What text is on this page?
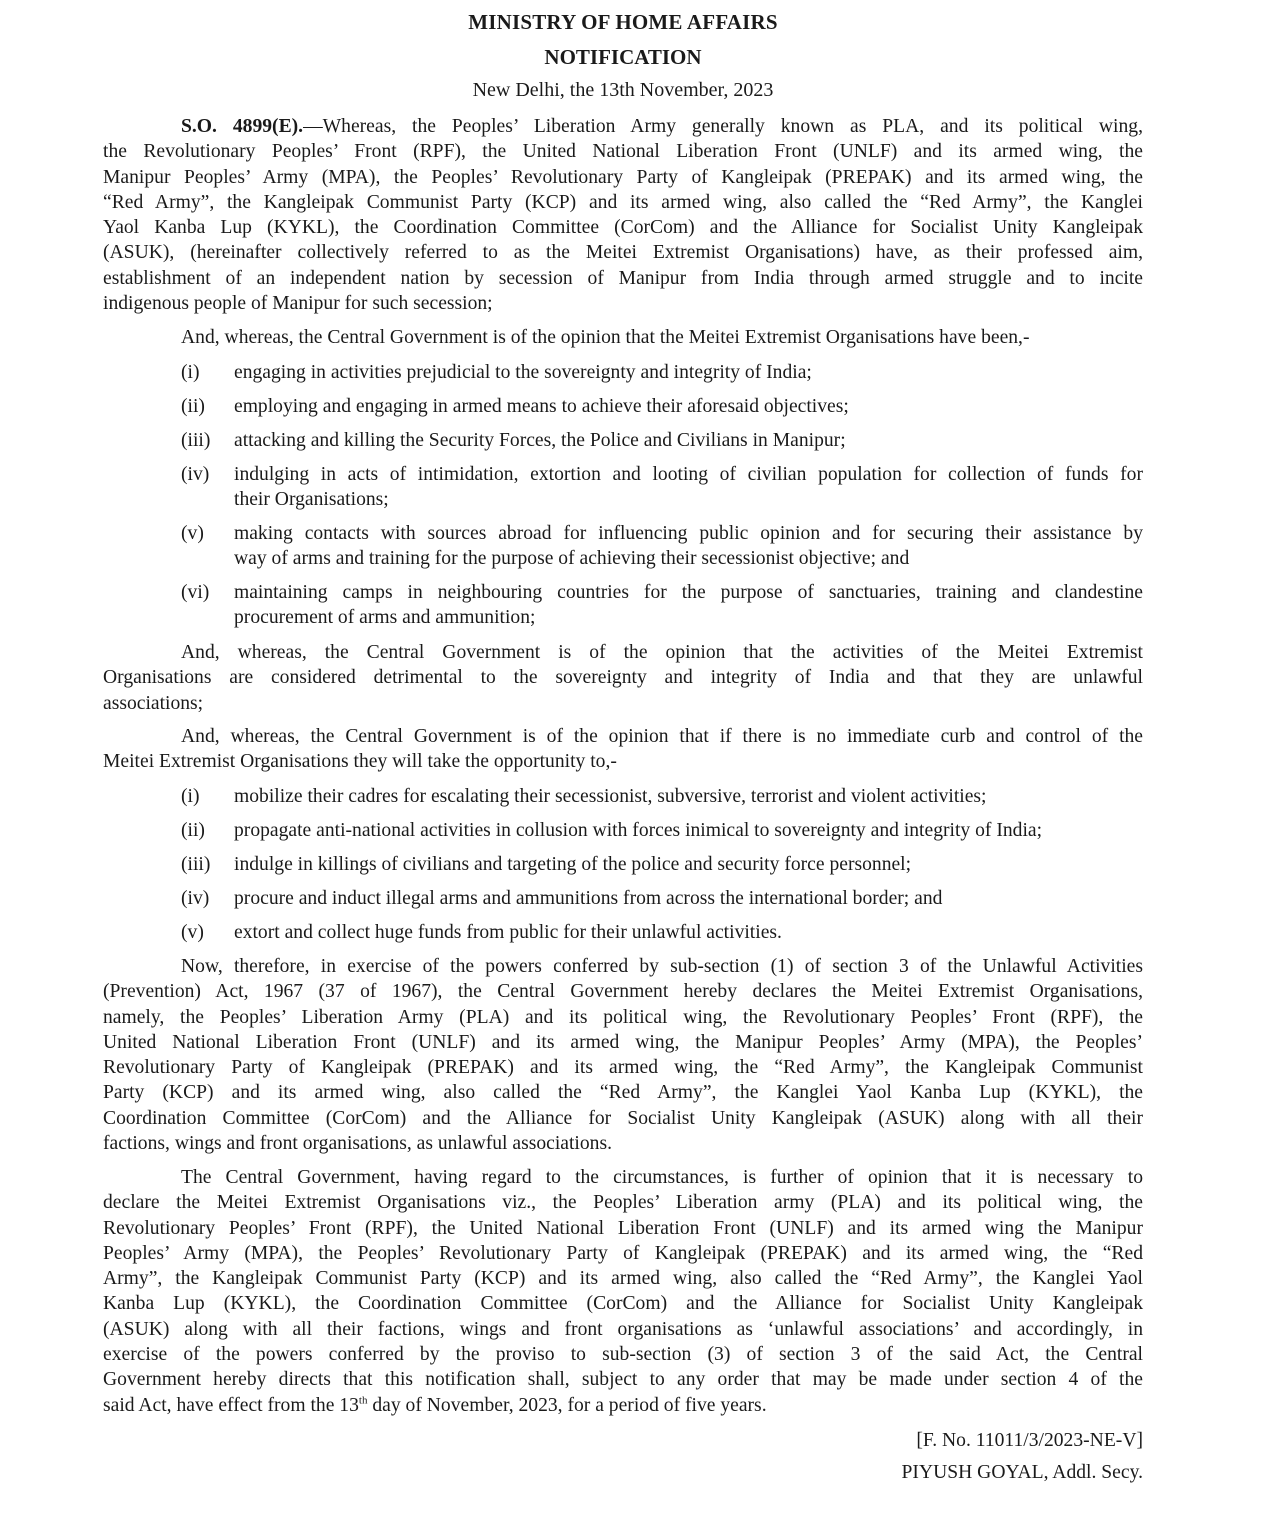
MINISTRY OF HOME AFFAIRS
NOTIFICATION
New Delhi, the 13th November, 2023
S.O. 4899(E).—Whereas, the Peoples’ Liberation Army generally known as PLA, and its political wing,
the Revolutionary Peoples’ Front (RPF), the United National Liberation Front (UNLF) and its armed wing, the
Manipur Peoples’ Army (MPA), the Peoples’ Revolutionary Party of Kangleipak (PREPAK) and its armed wing, the
“Red Army”, the Kangleipak Communist Party (KCP) and its armed wing, also called the “Red Army”, the Kanglei
Yaol Kanba Lup (KYKL), the Coordination Committee (CorCom) and the Alliance for Socialist Unity Kangleipak
(ASUK), (hereinafter collectively referred to as the Meitei Extremist Organisations) have, as their professed aim,
establishment of an independent nation by secession of Manipur from India through armed struggle and to incite
indigenous people of Manipur for such secession;
And, whereas, the Central Government is of the opinion that the Meitei Extremist Organisations have been,-
(i)	engaging in activities prejudicial to the sovereignty and integrity of India;
(ii)	employing and engaging in armed means to achieve their aforesaid objectives;
(iii)	attacking and killing the Security Forces, the Police and Civilians in Manipur;
(iv)	indulging in acts of intimidation, extortion and looting of civilian population for collection of funds for
their Organisations;
(v)	making contacts with sources abroad for influencing public opinion and for securing their assistance by
way of arms and training for the purpose of achieving their secessionist objective; and
(vi)	maintaining camps in neighbouring countries for the purpose of sanctuaries, training and clandestine
procurement of arms and ammunition;
And, whereas, the Central Government is of the opinion that the activities of the Meitei Extremist
Organisations are considered detrimental to the sovereignty and integrity of India and that they are unlawful
associations;
And, whereas, the Central Government is of the opinion that if there is no immediate curb and control of the
Meitei Extremist Organisations they will take the opportunity to,-
(i)	mobilize their cadres for escalating their secessionist, subversive, terrorist and violent activities;
(ii)	propagate anti-national activities in collusion with forces inimical to sovereignty and integrity of India;
(iii)	indulge in killings of civilians and targeting of the police and security force personnel;
(iv)	procure and induct illegal arms and ammunitions from across the international border; and
(v)	extort and collect huge funds from public for their unlawful activities.
Now, therefore, in exercise of the powers conferred by sub-section (1) of section 3 of the Unlawful Activities
(Prevention) Act, 1967 (37 of 1967), the Central Government hereby declares the Meitei Extremist Organisations,
namely, the Peoples’ Liberation Army (PLA) and its political wing, the Revolutionary Peoples’ Front (RPF), the
United National Liberation Front (UNLF) and its armed wing, the Manipur Peoples’ Army (MPA), the Peoples’
Revolutionary Party of Kangleipak (PREPAK) and its armed wing, the “Red Army”, the Kangleipak Communist
Party (KCP) and its armed wing, also called the “Red Army”, the Kanglei Yaol Kanba Lup (KYKL), the
Coordination Committee (CorCom) and the Alliance for Socialist Unity Kangleipak (ASUK) along with all their
factions, wings and front organisations, as unlawful associations.
The Central Government, having regard to the circumstances, is further of opinion that it is necessary to
declare the Meitei Extremist Organisations viz., the Peoples’ Liberation army (PLA) and its political wing, the
Revolutionary Peoples’ Front (RPF), the United National Liberation Front (UNLF) and its armed wing the Manipur
Peoples’ Army (MPA), the Peoples’ Revolutionary Party of Kangleipak (PREPAK) and its armed wing, the “Red
Army”, the Kangleipak Communist Party (KCP) and its armed wing, also called the “Red Army”, the Kanglei Yaol
Kanba Lup (KYKL), the Coordination Committee (CorCom) and the Alliance for Socialist Unity Kangleipak
(ASUK) along with all their factions, wings and front organisations as ‘unlawful associations’ and accordingly, in
exercise of the powers conferred by the proviso to sub-section (3) of section 3 of the said Act, the Central
Government hereby directs that this notification shall, subject to any order that may be made under section 4 of the
said Act, have effect from the 13th day of November, 2023, for a period of five years.
[F. No. 11011/3/2023-NE-V]
PIYUSH GOYAL, Addl. Secy.
